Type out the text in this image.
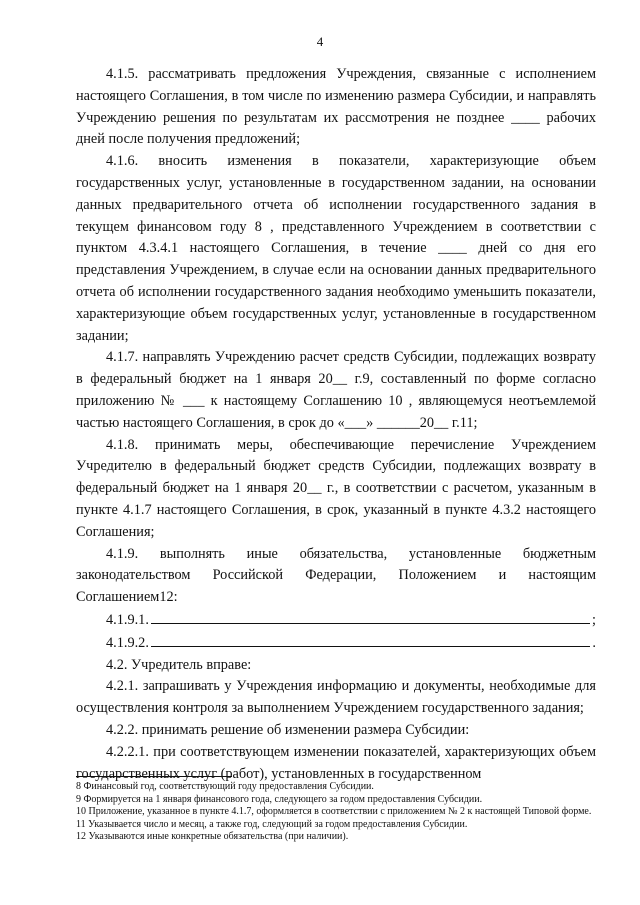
4

4.1.5. рассматривать предложения Учреждения, связанные с исполнением настоящего Соглашения, в том числе по изменению размера Субсидии, и направлять Учреждению решения по результатам их рассмотрения не позднее ____ рабочих дней после получения предложений;

4.1.6. вносить изменения в показатели, характеризующие объем государственных услуг, установленные в государственном задании, на основании данных предварительного отчета об исполнении государственного задания в текущем финансовом году 8 , представленного Учреждением в соответствии с пунктом 4.3.4.1 настоящего Соглашения, в течение ____ дней со дня его представления Учреждением, в случае если на основании данных предварительного отчета об исполнении государственного задания необходимо уменьшить показатели, характеризующие объем государственных услуг, установленные в государственном задании;

4.1.7. направлять Учреждению расчет средств Субсидии, подлежащих возврату в федеральный бюджет на 1 января 20__ г.9, составленный по форме согласно приложению № ___ к настоящему Соглашению 10 , являющемуся неотъемлемой частью настоящего Соглашения, в срок до «___» ______20__ г.11;

4.1.8. принимать меры, обеспечивающие перечисление Учреждением Учредителю в федеральный бюджет средств Субсидии, подлежащих возврату в федеральный бюджет на 1 января 20__ г., в соответствии с расчетом, указанным в пункте 4.1.7 настоящего Соглашения, в срок, указанный в пункте 4.3.2 настоящего Соглашения;

4.1.9. выполнять иные обязательства, установленные бюджетным законодательством Российской Федерации, Положением и настоящим Соглашением12:

4.1.9.1.	;

4.1.9.2.	.

4.2. Учредитель вправе:

4.2.1. запрашивать у Учреждения информацию и документы, необходимые для осуществления контроля за выполнением Учреждением государственного задания;

4.2.2. принимать решение об изменении размера Субсидии:

4.2.2.1. при соответствующем изменении показателей, характеризующих объем государственных услуг (работ), установленных в государственном

8 Финансовый год, соответствующий году предоставления Субсидии.
9 Формируется на 1 января финансового года, следующего за годом предоставления Субсидии.
10 Приложение, указанное в пункте 4.1.7, оформляется в соответствии с приложением № 2 к настоящей Типовой форме.
11 Указывается число и месяц, а также год, следующий за годом предоставления Субсидии.
12 Указываются иные конкретные обязательства (при наличии).
